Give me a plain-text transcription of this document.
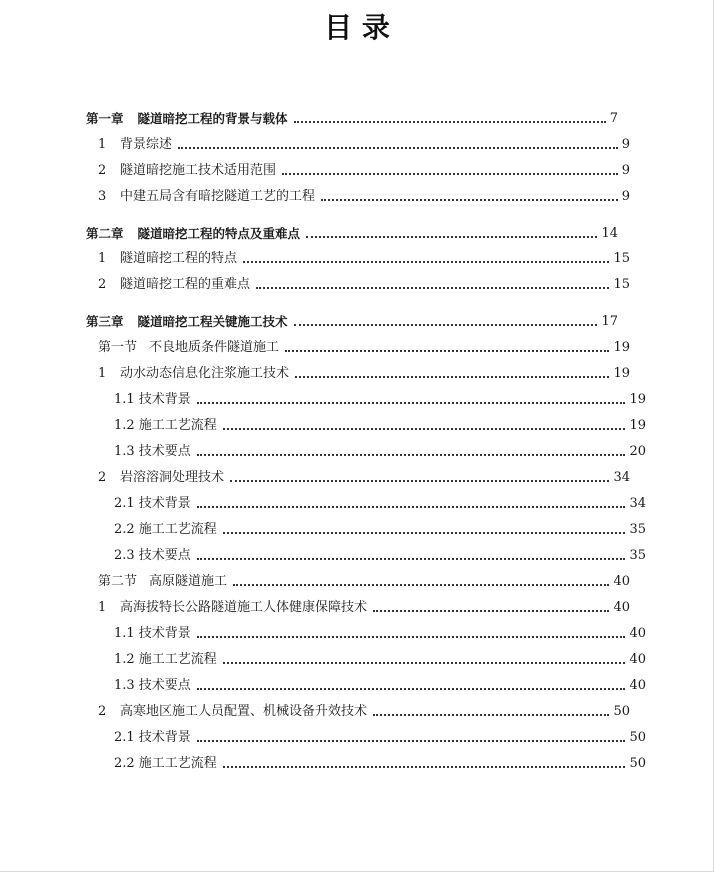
目 录
第一章 隧道暗挖工程的背景与载体	7
1 背景综述	9
2 隧道暗挖施工技术适用范围	9
3 中建五局含有暗挖隧道工艺的工程	9
第二章 隧道暗挖工程的特点及重难点	14
1 隧道暗挖工程的特点	15
2 隧道暗挖工程的重难点	15
第三章 隧道暗挖工程关键施工技术	17
第一节 不良地质条件隧道施工	19
1 动水动态信息化注浆施工技术	19
1.1 技术背景	19
1.2 施工工艺流程	19
1.3 技术要点	20
2 岩溶溶洞处理技术	34
2.1 技术背景	34
2.2 施工工艺流程	35
2.3 技术要点	35
第二节 高原隧道施工	40
1 高海拔特长公路隧道施工人体健康保障技术	40
1.1 技术背景	40
1.2 施工工艺流程	40
1.3 技术要点	40
2 高寒地区施工人员配置、机械设备升效技术	50
2.1 技术背景	50
2.2 施工工艺流程	50
